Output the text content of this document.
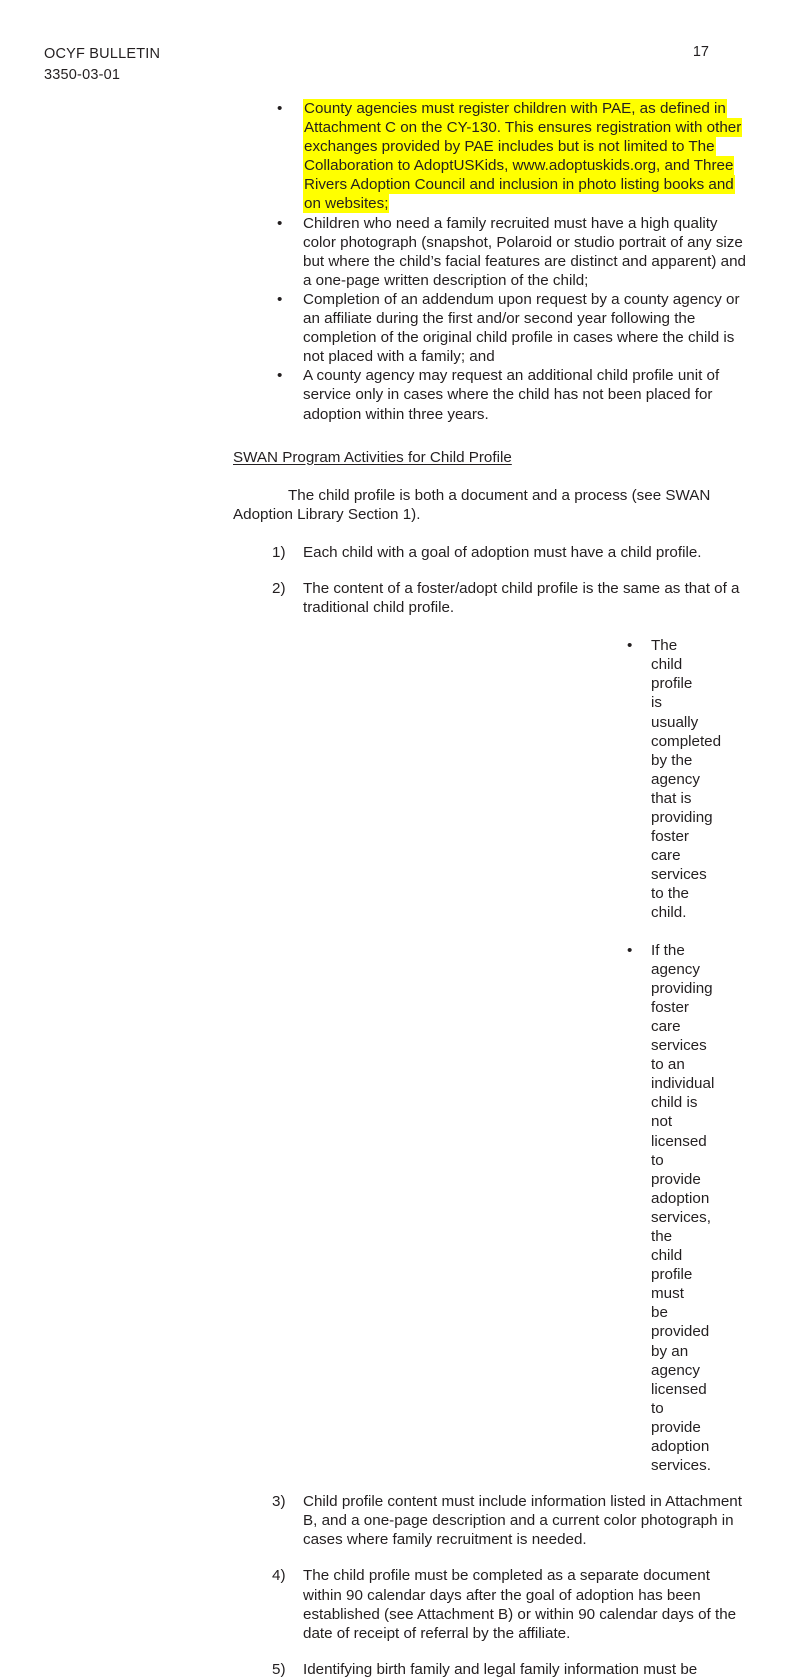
OCYF BULLETIN
3350-03-01
17
•	County agencies must register children with PAE, as defined in Attachment C on the CY-130. This ensures registration with other exchanges provided by PAE includes but is not limited to The Collaboration to AdoptUSKids, www.adoptuskids.org, and Three Rivers Adoption Council and inclusion in photo listing books and on websites;
•	Children who need a family recruited must have a high quality color photograph (snapshot, Polaroid or studio portrait of any size but where the child’s facial features are distinct and apparent) and a one-page written description of the child;
•	Completion of an addendum upon request by a county agency or an affiliate during the first and/or second year following the completion of the original child profile in cases where the child is not placed with a family; and
•	A county agency may request an additional child profile unit of service only in cases where the child has not been placed for adoption within three years.
SWAN Program Activities for Child Profile
The child profile is both a document and a process (see SWAN Adoption Library Section 1).
1)	Each child with a goal of adoption must have a child profile.
2)	The content of a foster/adopt child profile is the same as that of a traditional child profile.
•	The child profile is usually completed by the agency that is providing foster care services to the child.
•	If the agency providing foster care services to an individual child is not licensed to provide adoption services, the child profile must be provided by an agency licensed to provide adoption services.
3)	Child profile content must include information listed in Attachment B, and a one-page description and a current color photograph in cases where family recruitment is needed.
4)	The child profile must be completed as a separate document within 90 calendar days after the goal of adoption has been established (see Attachment B) or within 90 calendar days of the date of receipt of referral by the affiliate.
5)	Identifying birth family and legal family information must be
